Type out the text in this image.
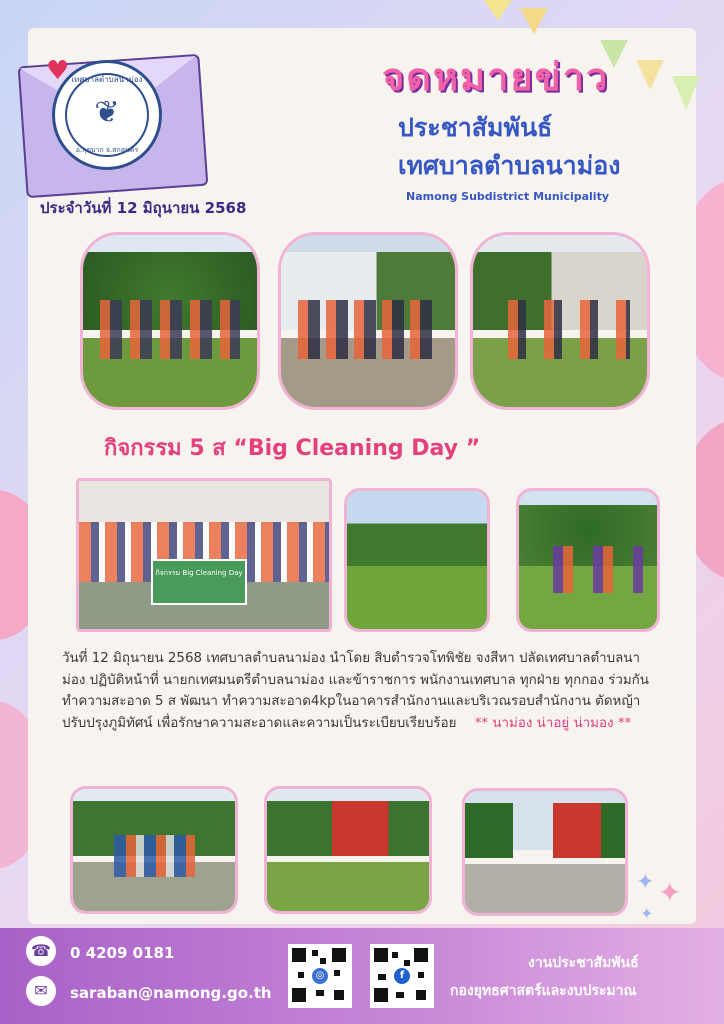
เทศบาลตำบลนาม่อง
❦
อ.กุดบาก จ.สกลนคร
♥	จดหมายข่าว
ประชาสัมพันธ์
เทศบาลตำบลนาม่อง
Namong Subdistrict Municipality
ประจำวันที่ 12 มิถุนายน 2568
กิจกรรม 5 ส “Big Cleaning Day ”
กิจกรรม Big Cleaning Day
วันที่ 12 มิถุนายน 2568 เทศบาลตำบลนาม่อง นำโดย สิบตำรวจโทพิชัย จงสีหา ปลัดเทศบาลตำบลนาม่อง ปฏิบัติหน้าที่ นายกเทศมนตรีตำบลนาม่อง และข้าราชการ พนักงานเทศบาล ทุกฝ่าย ทุกกอง ร่วมกันทำความสะอาด 5 ส พัฒนา ทำความสะอาด4kpในอาคารสำนักงานและบริเวณรอบสำนักงาน ตัดหญ้า ปรับปรุงภูมิทัศน์ เพื่อรักษาความสะอาดและความเป็นระเบียบเรียบร้อย ** นาม่อง น่าอยู่ น่ามอง **
✦ ✦
✦
☎	0 4209 0181
✉	saraban@namong.go.th
◎	f
งานประชาสัมพันธ์
กองยุทธศาสตร์และงบประมาณ
